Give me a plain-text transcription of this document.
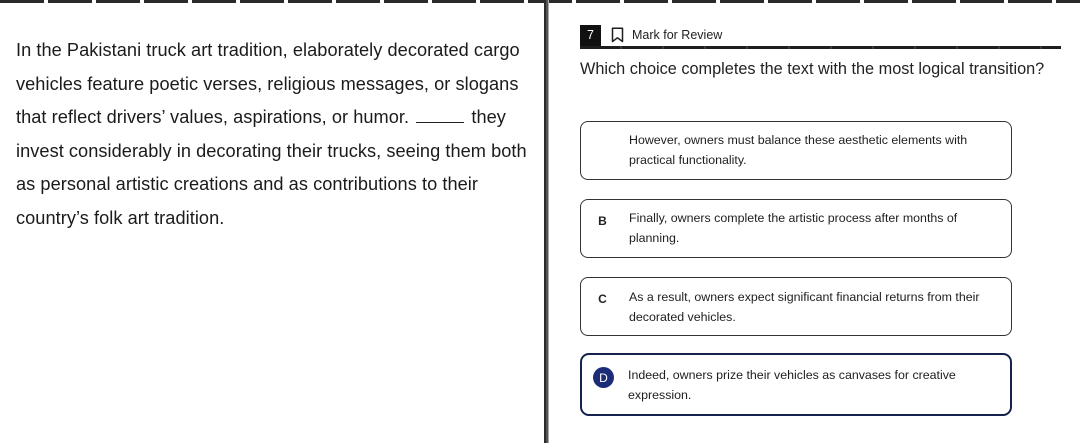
In the Pakistani truck art tradition, elaborately decorated cargo vehicles feature poetic verses, religious messages, or slogans that reflect drivers’ values, aspirations, or humor.	they invest considerably in decorating their trucks, seeing them both as personal artistic creations and as contributions to their country’s folk art tradition.

7	Mark for Review

Which choice completes the text with the most logical transition?

However, owners must balance these aesthetic elements with practical functionality.
B	Finally, owners complete the artistic process after months of planning.
C	As a result, owners expect significant financial returns from their decorated vehicles.
D	Indeed, owners prize their vehicles as canvases for creative expression.
